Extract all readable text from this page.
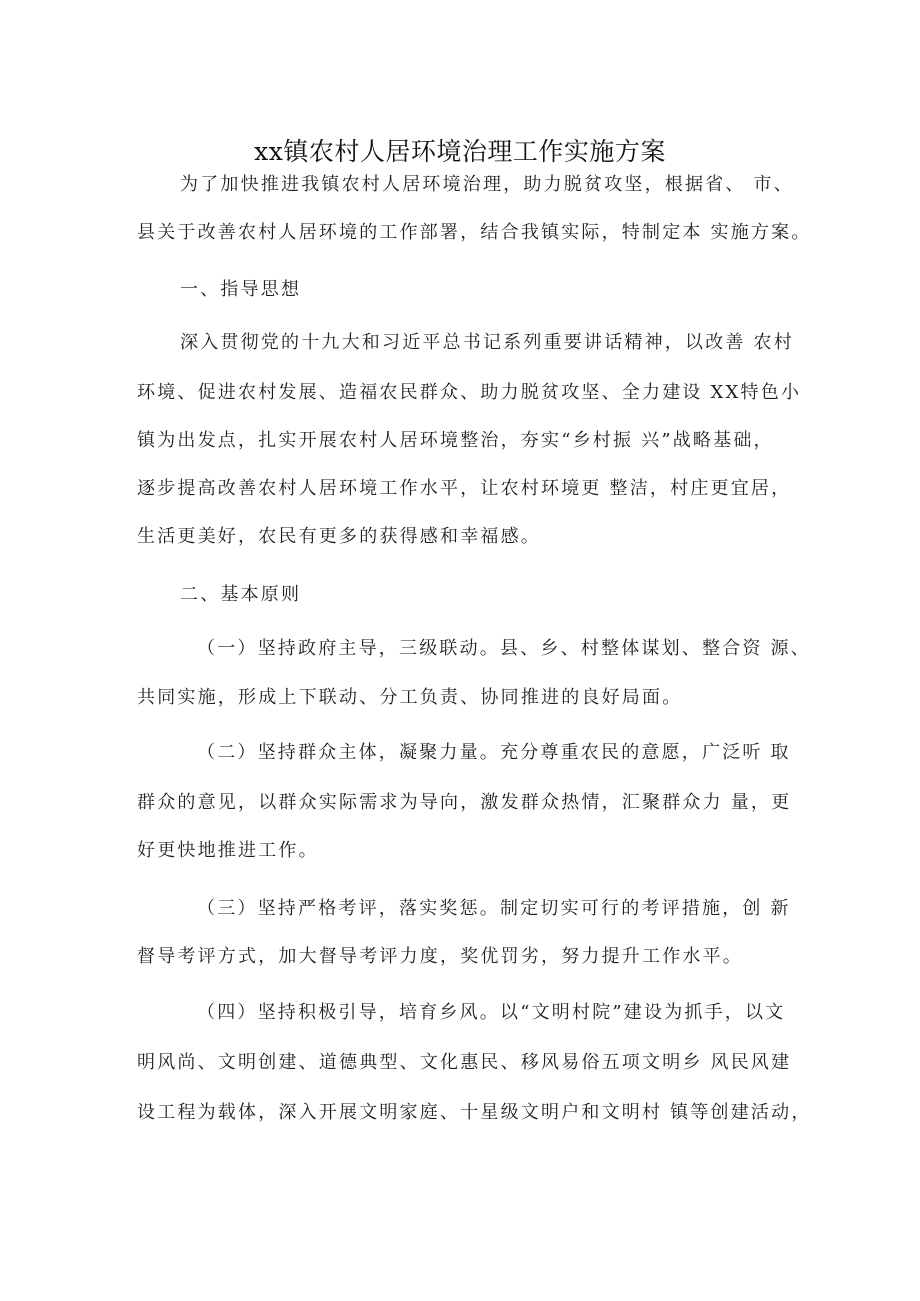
xx镇农村人居环境治理工作实施方案
为了加快推进我镇农村人居环境治理，助力脱贫攻坚，根据省、 市、
县关于改善农村人居环境的工作部署，结合我镇实际，特制定本 实施方案。
一、指导思想
深入贯彻党的十九大和习近平总书记系列重要讲话精神，以改善 农村
环境、促进农村发展、造福农民群众、助力脱贫攻坚、全力建设 XX特色小
镇为出发点，扎实开展农村人居环境整治，夯实“乡村振 兴”战略基础，
逐步提高改善农村人居环境工作水平，让农村环境更 整洁，村庄更宜居，
生活更美好，农民有更多的获得感和幸福感。
二、基本原则
（一）坚持政府主导，三级联动。县、乡、村整体谋划、整合资 源、
共同实施，形成上下联动、分工负责、协同推进的良好局面。
（二）坚持群众主体，凝聚力量。充分尊重农民的意愿，广泛听 取
群众的意见，以群众实际需求为导向，激发群众热情，汇聚群众力 量，更
好更快地推进工作。
（三）坚持严格考评，落实奖惩。制定切实可行的考评措施，创 新
督导考评方式，加大督导考评力度，奖优罚劣，努力提升工作水平。
（四）坚持积极引导，培育乡风。以“文明村院”建设为抓手，以文
明风尚、文明创建、道德典型、文化惠民、移风易俗五项文明乡 风民风建
设工程为载体，深入开展文明家庭、十星级文明户和文明村 镇等创建活动，
